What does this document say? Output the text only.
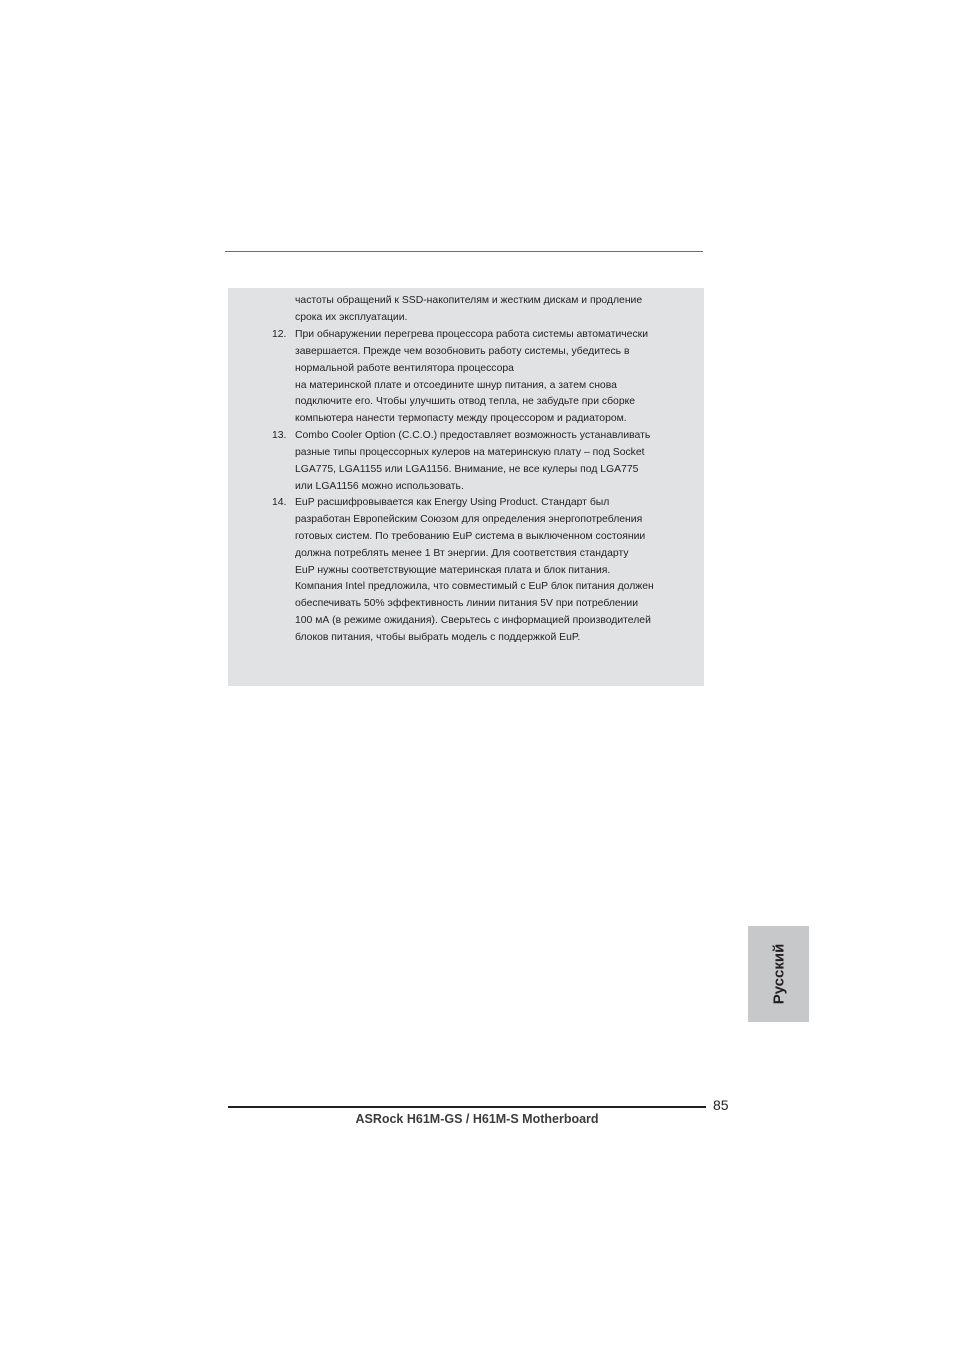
частоты обращений к SSD-накопителям и жестким дискам и продление
срока их эксплуатации.
12. При обнаружении перегрева процессора работа системы автоматически
завершается. Прежде чем возобновить работу системы, убедитесь в
нормальной работе вентилятора процессора
на материнской плате и отсоедините шнур питания, а затем снова
подключите его. Чтобы улучшить отвод тепла, не забудьте при сборке
компьютера нанести термопасту между процессором и радиатором.
13. Combo Cooler Option (C.C.O.) предоставляет возможность устанавливать
разные типы процессорных кулеров на материнскую плату – под Socket
LGA775, LGA1155 или LGA1156. Внимание, не все кулеры под LGA775
или LGA1156 можно использовать.
14. EuP расшифровывается как Energy Using Product. Стандарт был
разработан Европейским Союзом для определения энергопотребления
готовых систем. По требованию EuP система в выключенном состоянии
должна потреблять менее 1 Вт энергии. Для соответствия стандарту
EuP нужны соответствующие материнская плата и блок питания.
Компания Intel предложила, что совместимый с EuP блок питания должен
обеспечивать 50% эффективность линии питания 5V при потреблении
100 мА (в режиме ожидания). Сверьтесь с информацией производителей
блоков питания, чтобы выбрать модель с поддержкой EuP.
Русский
85
ASRock H61M-GS / H61M-S Motherboard
